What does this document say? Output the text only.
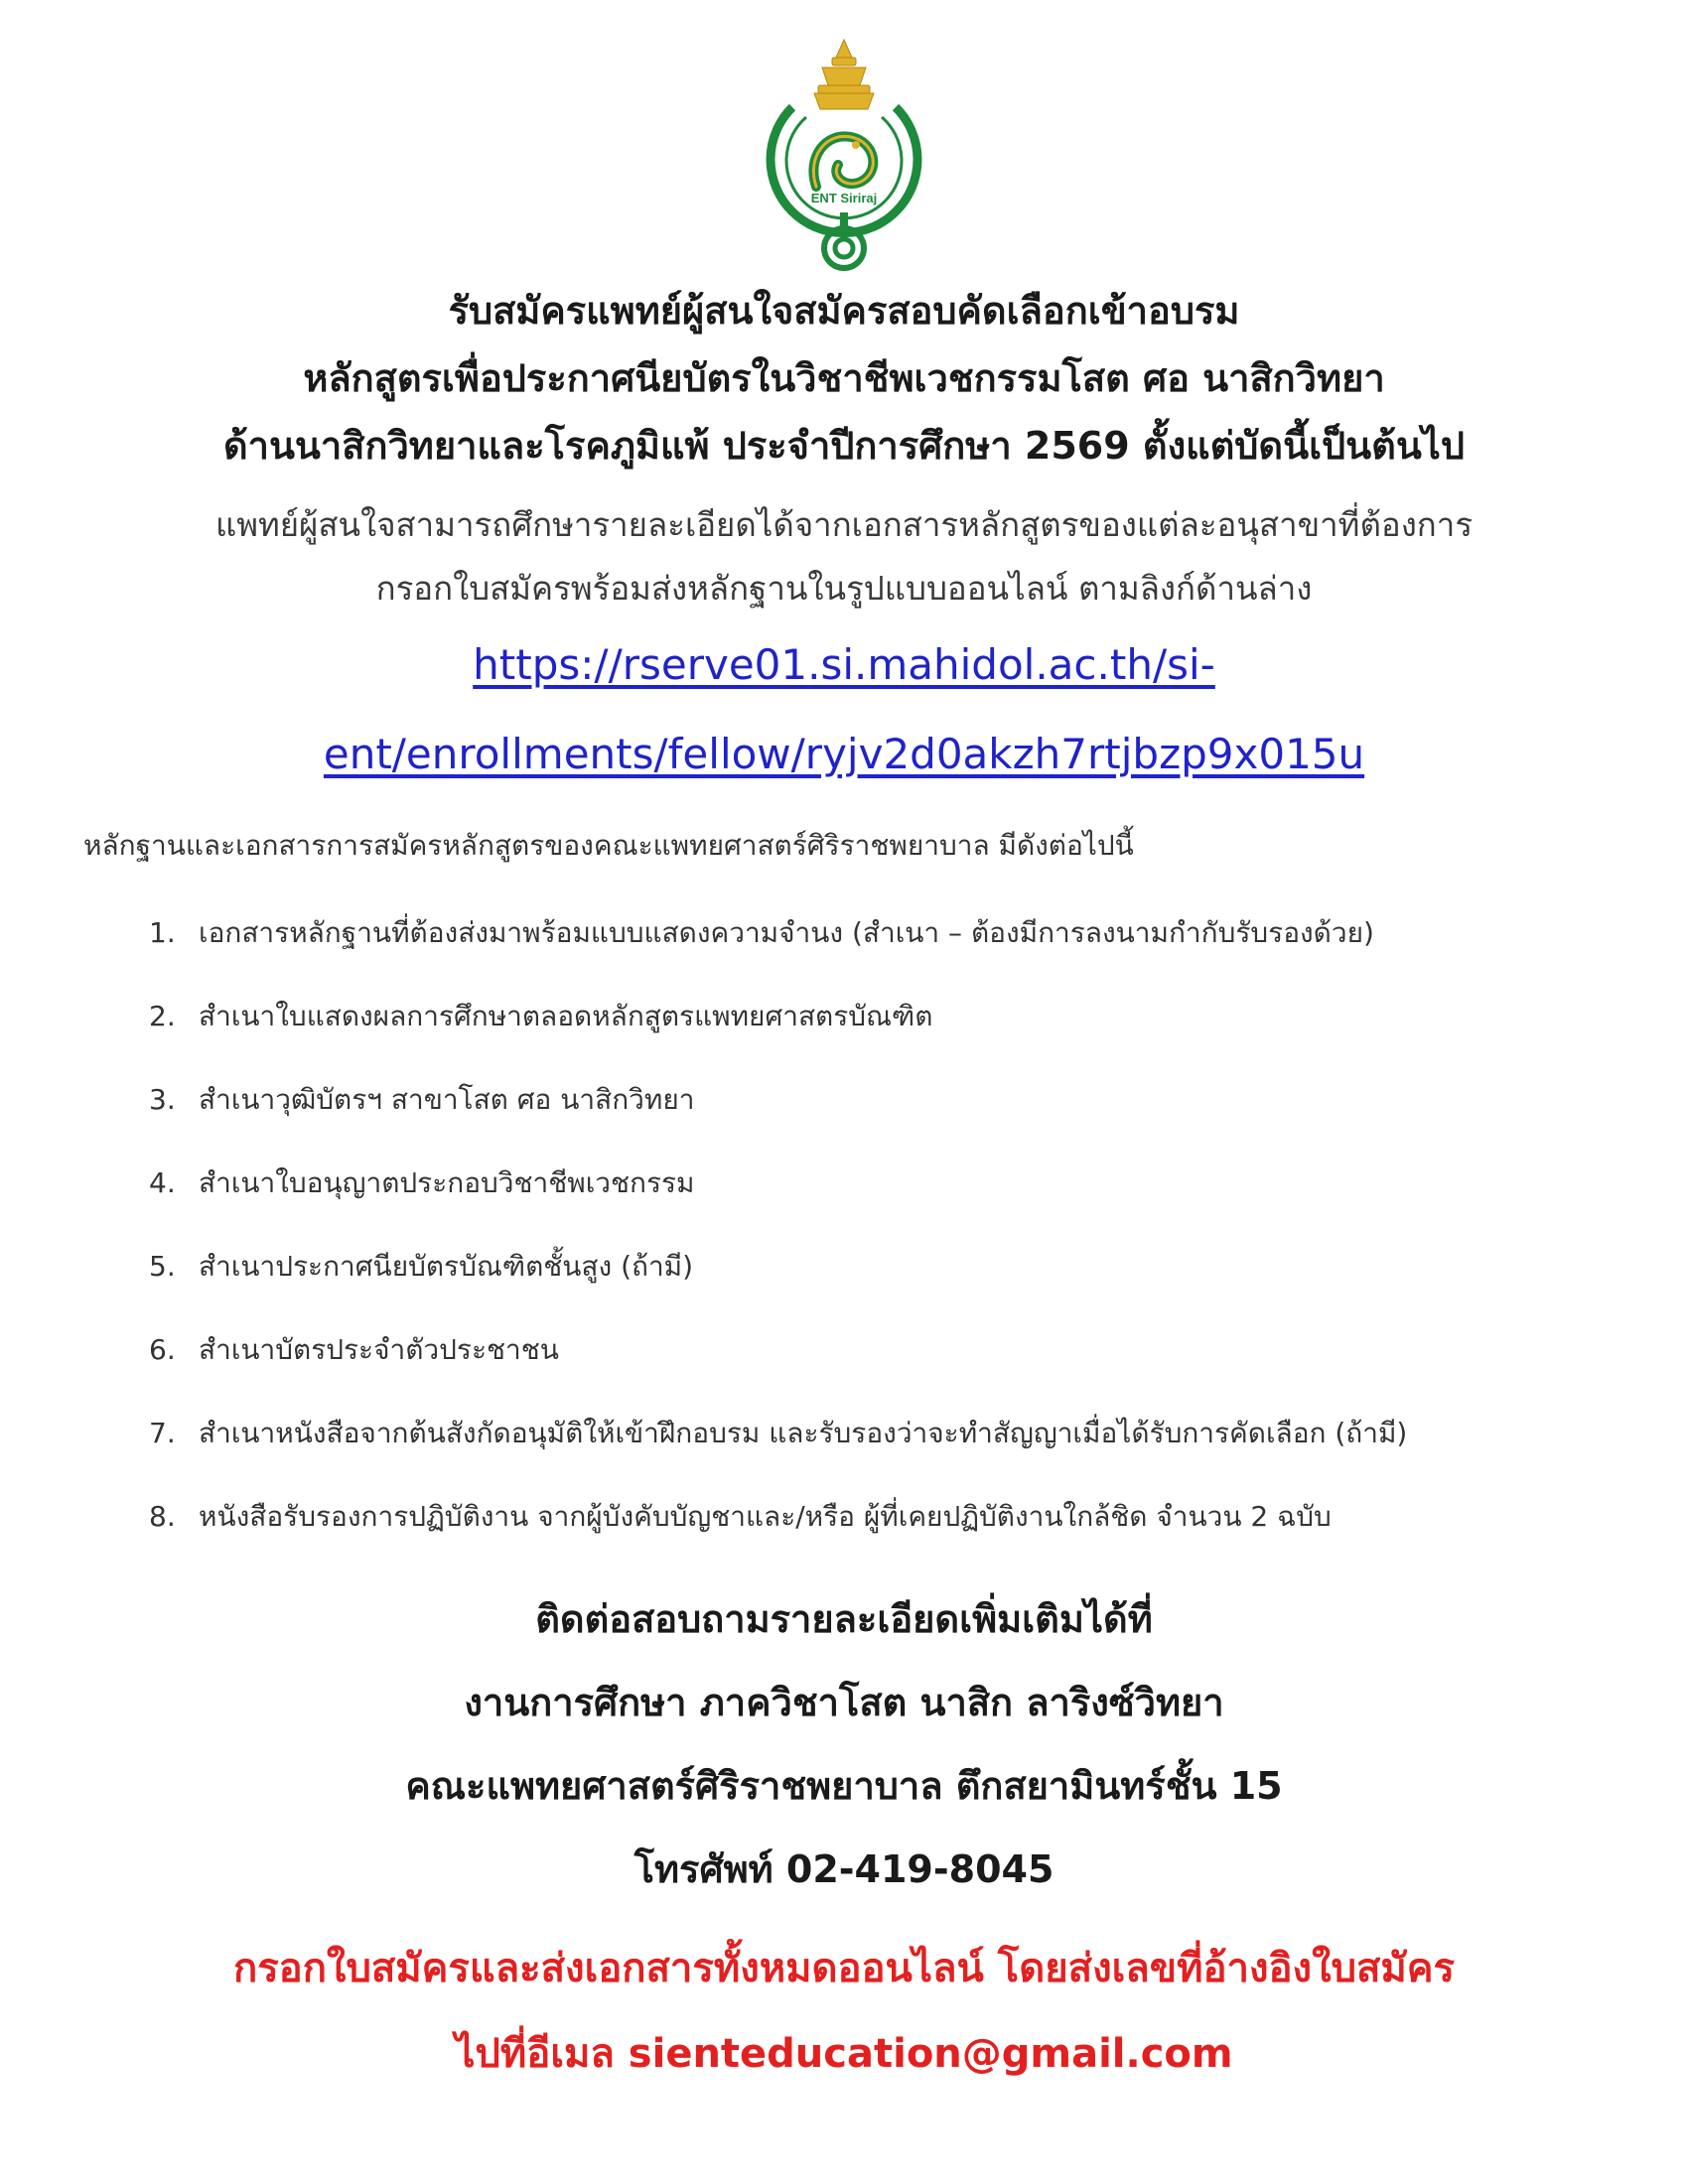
ENT Siriraj
รับสมัครแพทย์ผู้สนใจสมัครสอบคัดเลือกเข้าอบรม
หลักสูตรเพื่อประกาศนียบัตรในวิชาชีพเวชกรรมโสต ศอ นาสิกวิทยา
ด้านนาสิกวิทยาและโรคภูมิแพ้ ประจำปีการศึกษา 2569 ตั้งแต่บัดนี้เป็นต้นไป
แพทย์ผู้สนใจสามารถศึกษารายละเอียดได้จากเอกสารหลักสูตรของแต่ละอนุสาขาที่ต้องการ
กรอกใบสมัครพร้อมส่งหลักฐานในรูปแบบออนไลน์ ตามลิงก์ด้านล่าง
https://rserve01.si.mahidol.ac.th/si-
ent/enrollments/fellow/ryjv2d0akzh7rtjbzp9x015u
หลักฐานและเอกสารการสมัครหลักสูตรของคณะแพทยศาสตร์ศิริราชพยาบาล มีดังต่อไปนี้
1. เอกสารหลักฐานที่ต้องส่งมาพร้อมแบบแสดงความจำนง (สำเนา – ต้องมีการลงนามกำกับรับรองด้วย)
2. สำเนาใบแสดงผลการศึกษาตลอดหลักสูตรแพทยศาสตรบัณฑิต
3. สำเนาวุฒิบัตรฯ สาขาโสต ศอ นาสิกวิทยา
4. สำเนาใบอนุญาตประกอบวิชาชีพเวชกรรม
5. สำเนาประกาศนียบัตรบัณฑิตชั้นสูง (ถ้ามี)
6. สำเนาบัตรประจำตัวประชาชน
7. สำเนาหนังสือจากต้นสังกัดอนุมัติให้เข้าฝึกอบรม และรับรองว่าจะทำสัญญาเมื่อได้รับการคัดเลือก (ถ้ามี)
8. หนังสือรับรองการปฏิบัติงาน จากผู้บังคับบัญชาและ/หรือ ผู้ที่เคยปฏิบัติงานใกล้ชิด จำนวน 2 ฉบับ
ติดต่อสอบถามรายละเอียดเพิ่มเติมได้ที่
งานการศึกษา ภาควิชาโสต นาสิก ลาริงซ์วิทยา
คณะแพทยศาสตร์ศิริราชพยาบาล ตึกสยามินทร์ชั้น 15
โทรศัพท์ 02-419-8045
กรอกใบสมัครและส่งเอกสารทั้งหมดออนไลน์ โดยส่งเลขที่อ้างอิงใบสมัคร
ไปที่อีเมล sienteducation@gmail.com
